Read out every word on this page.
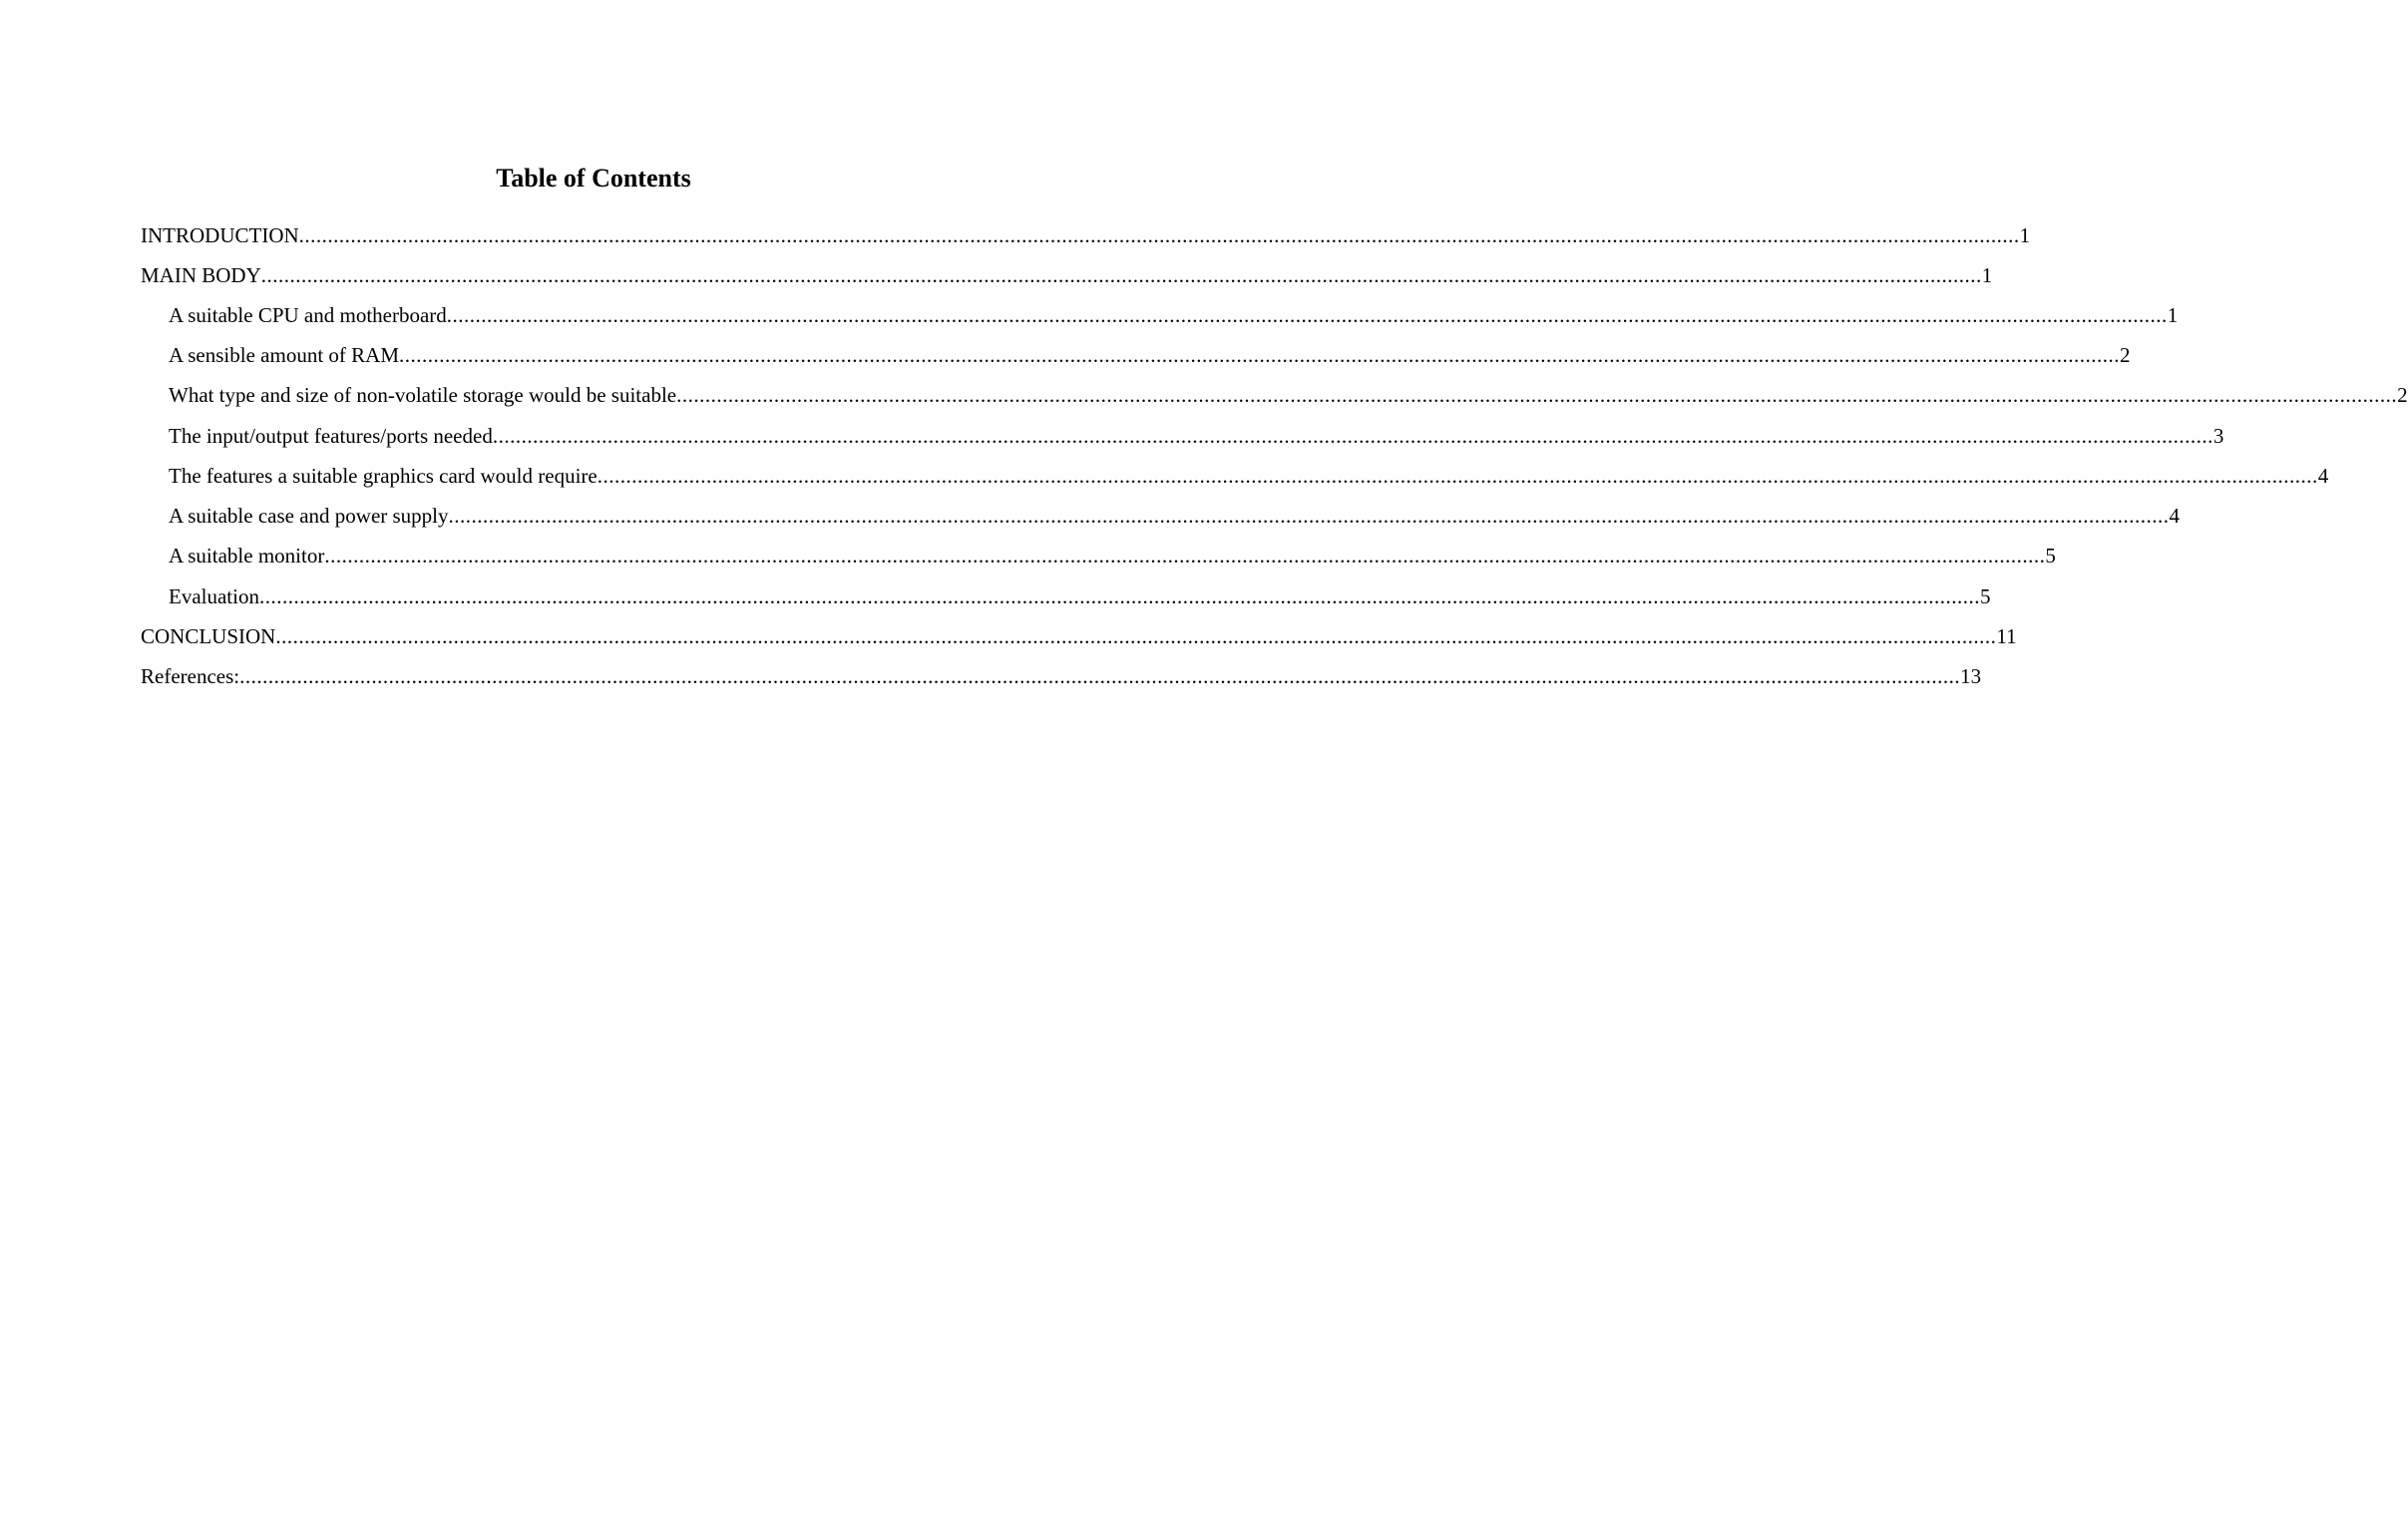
Table of Contents
INTRODUCTION ............................................................................................................................................................................................................................................................................................................ 1
MAIN BODY ............................................................................................................................................................................................................................................................................................................ 1
A suitable CPU and motherboard ............................................................................................................................................................................................................................................................................................................ 1
A sensible amount of RAM ............................................................................................................................................................................................................................................................................................................ 2
What type and size of non-volatile storage would be suitable ............................................................................................................................................................................................................................................................................................................ 2
The input/output features/ports needed ............................................................................................................................................................................................................................................................................................................ 3
The features a suitable graphics card would require ............................................................................................................................................................................................................................................................................................................ 4
A suitable case and power supply ............................................................................................................................................................................................................................................................................................................ 4
A suitable monitor ............................................................................................................................................................................................................................................................................................................ 5
Evaluation ............................................................................................................................................................................................................................................................................................................ 5
CONCLUSION ............................................................................................................................................................................................................................................................................................................ 11
References: ............................................................................................................................................................................................................................................................................................................ 13
